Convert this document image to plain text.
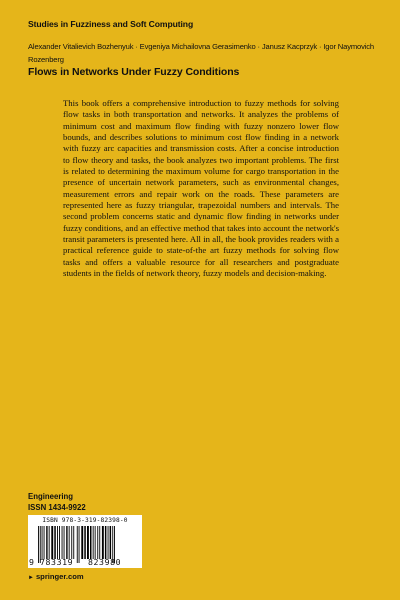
Studies in Fuzziness and Soft Computing
Alexander Vitalievich Bozhenyuk · Evgeniya Michailovna Gerasimenko · Janusz Kacprzyk · Igor Naymovich Rozenberg
Flows in Networks Under Fuzzy Conditions

This book offers a comprehensive introduction to fuzzy methods for solving flow tasks in both transportation and networks. It analyzes the problems of minimum cost and maximum flow finding with fuzzy nonzero lower flow bounds, and describes solutions to minimum cost flow finding in a network with fuzzy arc capacities and transmission costs. After a concise introduction to flow theory and tasks, the book analyzes two important problems. The first is related to determining the maximum volume for cargo transportation in the presence of uncertain network parameters, such as environmental changes, measurement errors and repair work on the roads. These parameters are represented here as fuzzy triangular, trapezoidal numbers and intervals. The second problem concerns static and dynamic flow finding in networks under fuzzy conditions, and an effective method that takes into account the network's transit parameters is presented here. All in all, the book provides readers with a practical reference guide to state-of-the art fuzzy methods for solving flow tasks and offers a valuable resource for all researchers and postgraduate students in the fields of network theory, fuzzy models and decision-making.

Engineering
ISSN 1434-9922
ISBN 978-3-319-82398-0
9 783319 823980
► springer.com
